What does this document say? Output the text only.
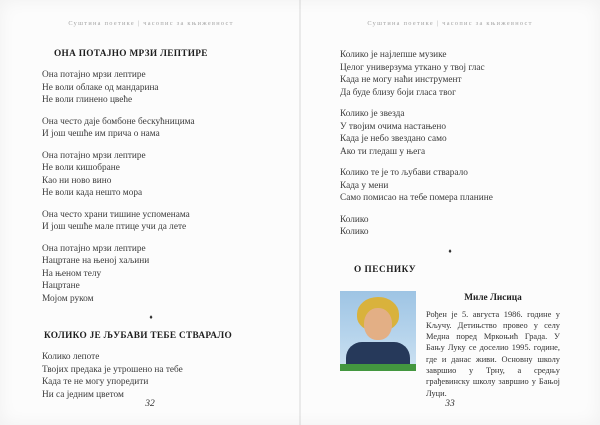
Суштина поетике | часопис за књижевност
ОНА ПОТАЈНО МРЗИ ЛЕПТИРЕ
Она потајно мрзи лептире
Не воли облаке од мандарина
Не воли глинено цвеће
Она често даје бомбоне бескућницима
И још чешће им прича о нама
Она потајно мрзи лептире
Не воли кишобране
Као ни ново вино
Не воли када нешто мора
Она често храни тишине успоменама
И још чешће мале птице учи да лете
Она потајно мрзи лептире
Нацртане на њеној хаљини
На њеном телу
Нацртане
Мојом руком
♦
КОЛИКО ЈЕ ЉУБАВИ ТЕБЕ СТВАРАЛО
Колико лепоте
Твојих предака је утрошено на тебе
Када те не могу упоредити
Ни са једним цветом
32
Суштина поетике | часопис за књижевност
Колико је најлепше музике
Целог универзума уткано у твој глас
Када не могу наћи инструмент
Да буде близу боји гласа твог
Колико је звезда
У твојим очима настањено
Када је небо звездано само
Ако ти гледаш у њега
Колико те је то љубави стварало
Када у мени
Само помисао на тебе помера планине
Колико
Колико
♦
О ПЕСНИКУ
Миле Лисица
Рођен је 5. августа 1986. године у Кључу. Детињство провео у селу Медна поред Мркоњић Града. У Бању Луку се доселио 1995. године, где и данас живи. Основну школу завршио у Трну, а средњу грађевинску школу завршио у Бањој Луци.
33
